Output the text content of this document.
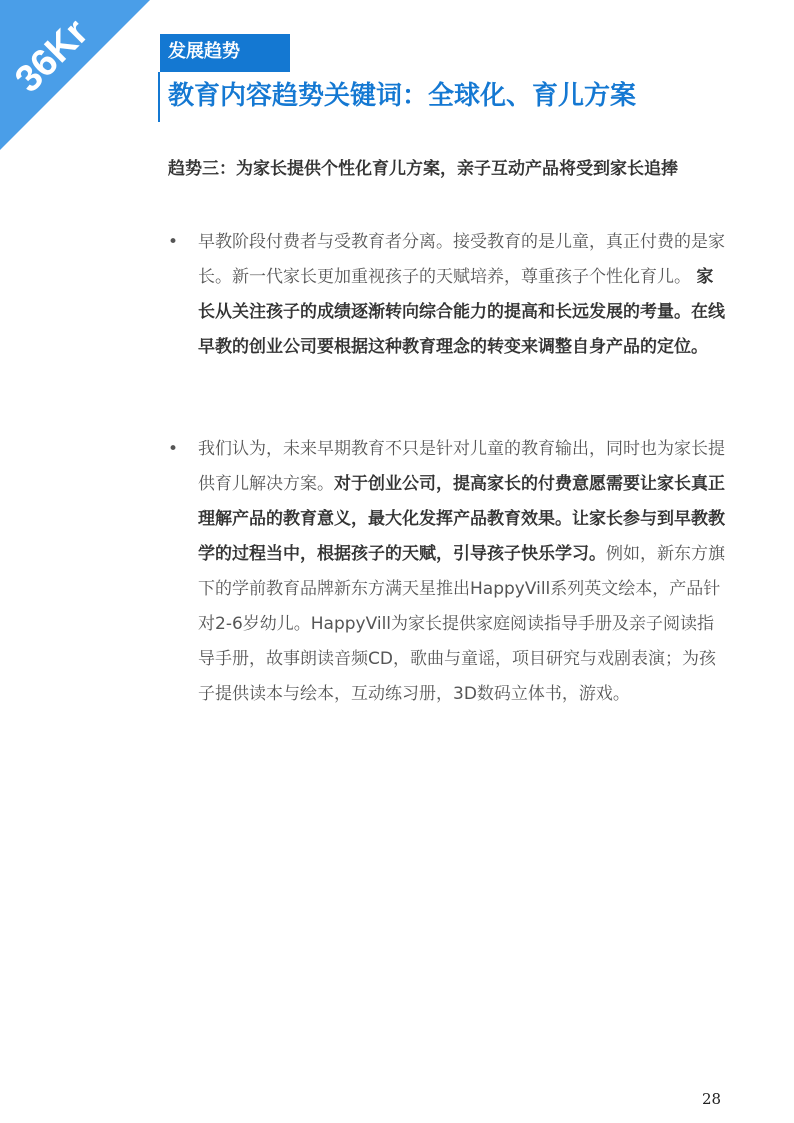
36Kr	发展趋势
教育内容趋势关键词：全球化、育儿方案
趋势三：为家长提供个性化育儿方案，亲子互动产品将受到家长追捧
•	早教阶段付费者与受教育者分离。接受教育的是儿童，真正付费的是家长。新一代家长更加重视孩子的天赋培养，尊重孩子个性化育儿。 家长从关注孩子的成绩逐渐转向综合能力的提高和长远发展的考量。在线早教的创业公司要根据这种教育理念的转变来调整自身产品的定位。
•	我们认为，未来早期教育不只是针对儿童的教育输出，同时也为家长提供育儿解决方案。对于创业公司，提高家长的付费意愿需要让家长真正理解产品的教育意义，最大化发挥产品教育效果。让家长参与到早教教学的过程当中，根据孩子的天赋，引导孩子快乐学习。例如，新东方旗下的学前教育品牌新东方满天星推出HappyVill系列英文绘本，产品针对2-6岁幼儿。HappyVill为家长提供家庭阅读指导手册及亲子阅读指导手册，故事朗读音频CD，歌曲与童谣，项目研究与戏剧表演；为孩子提供读本与绘本，互动练习册，3D数码立体书，游戏。
28
